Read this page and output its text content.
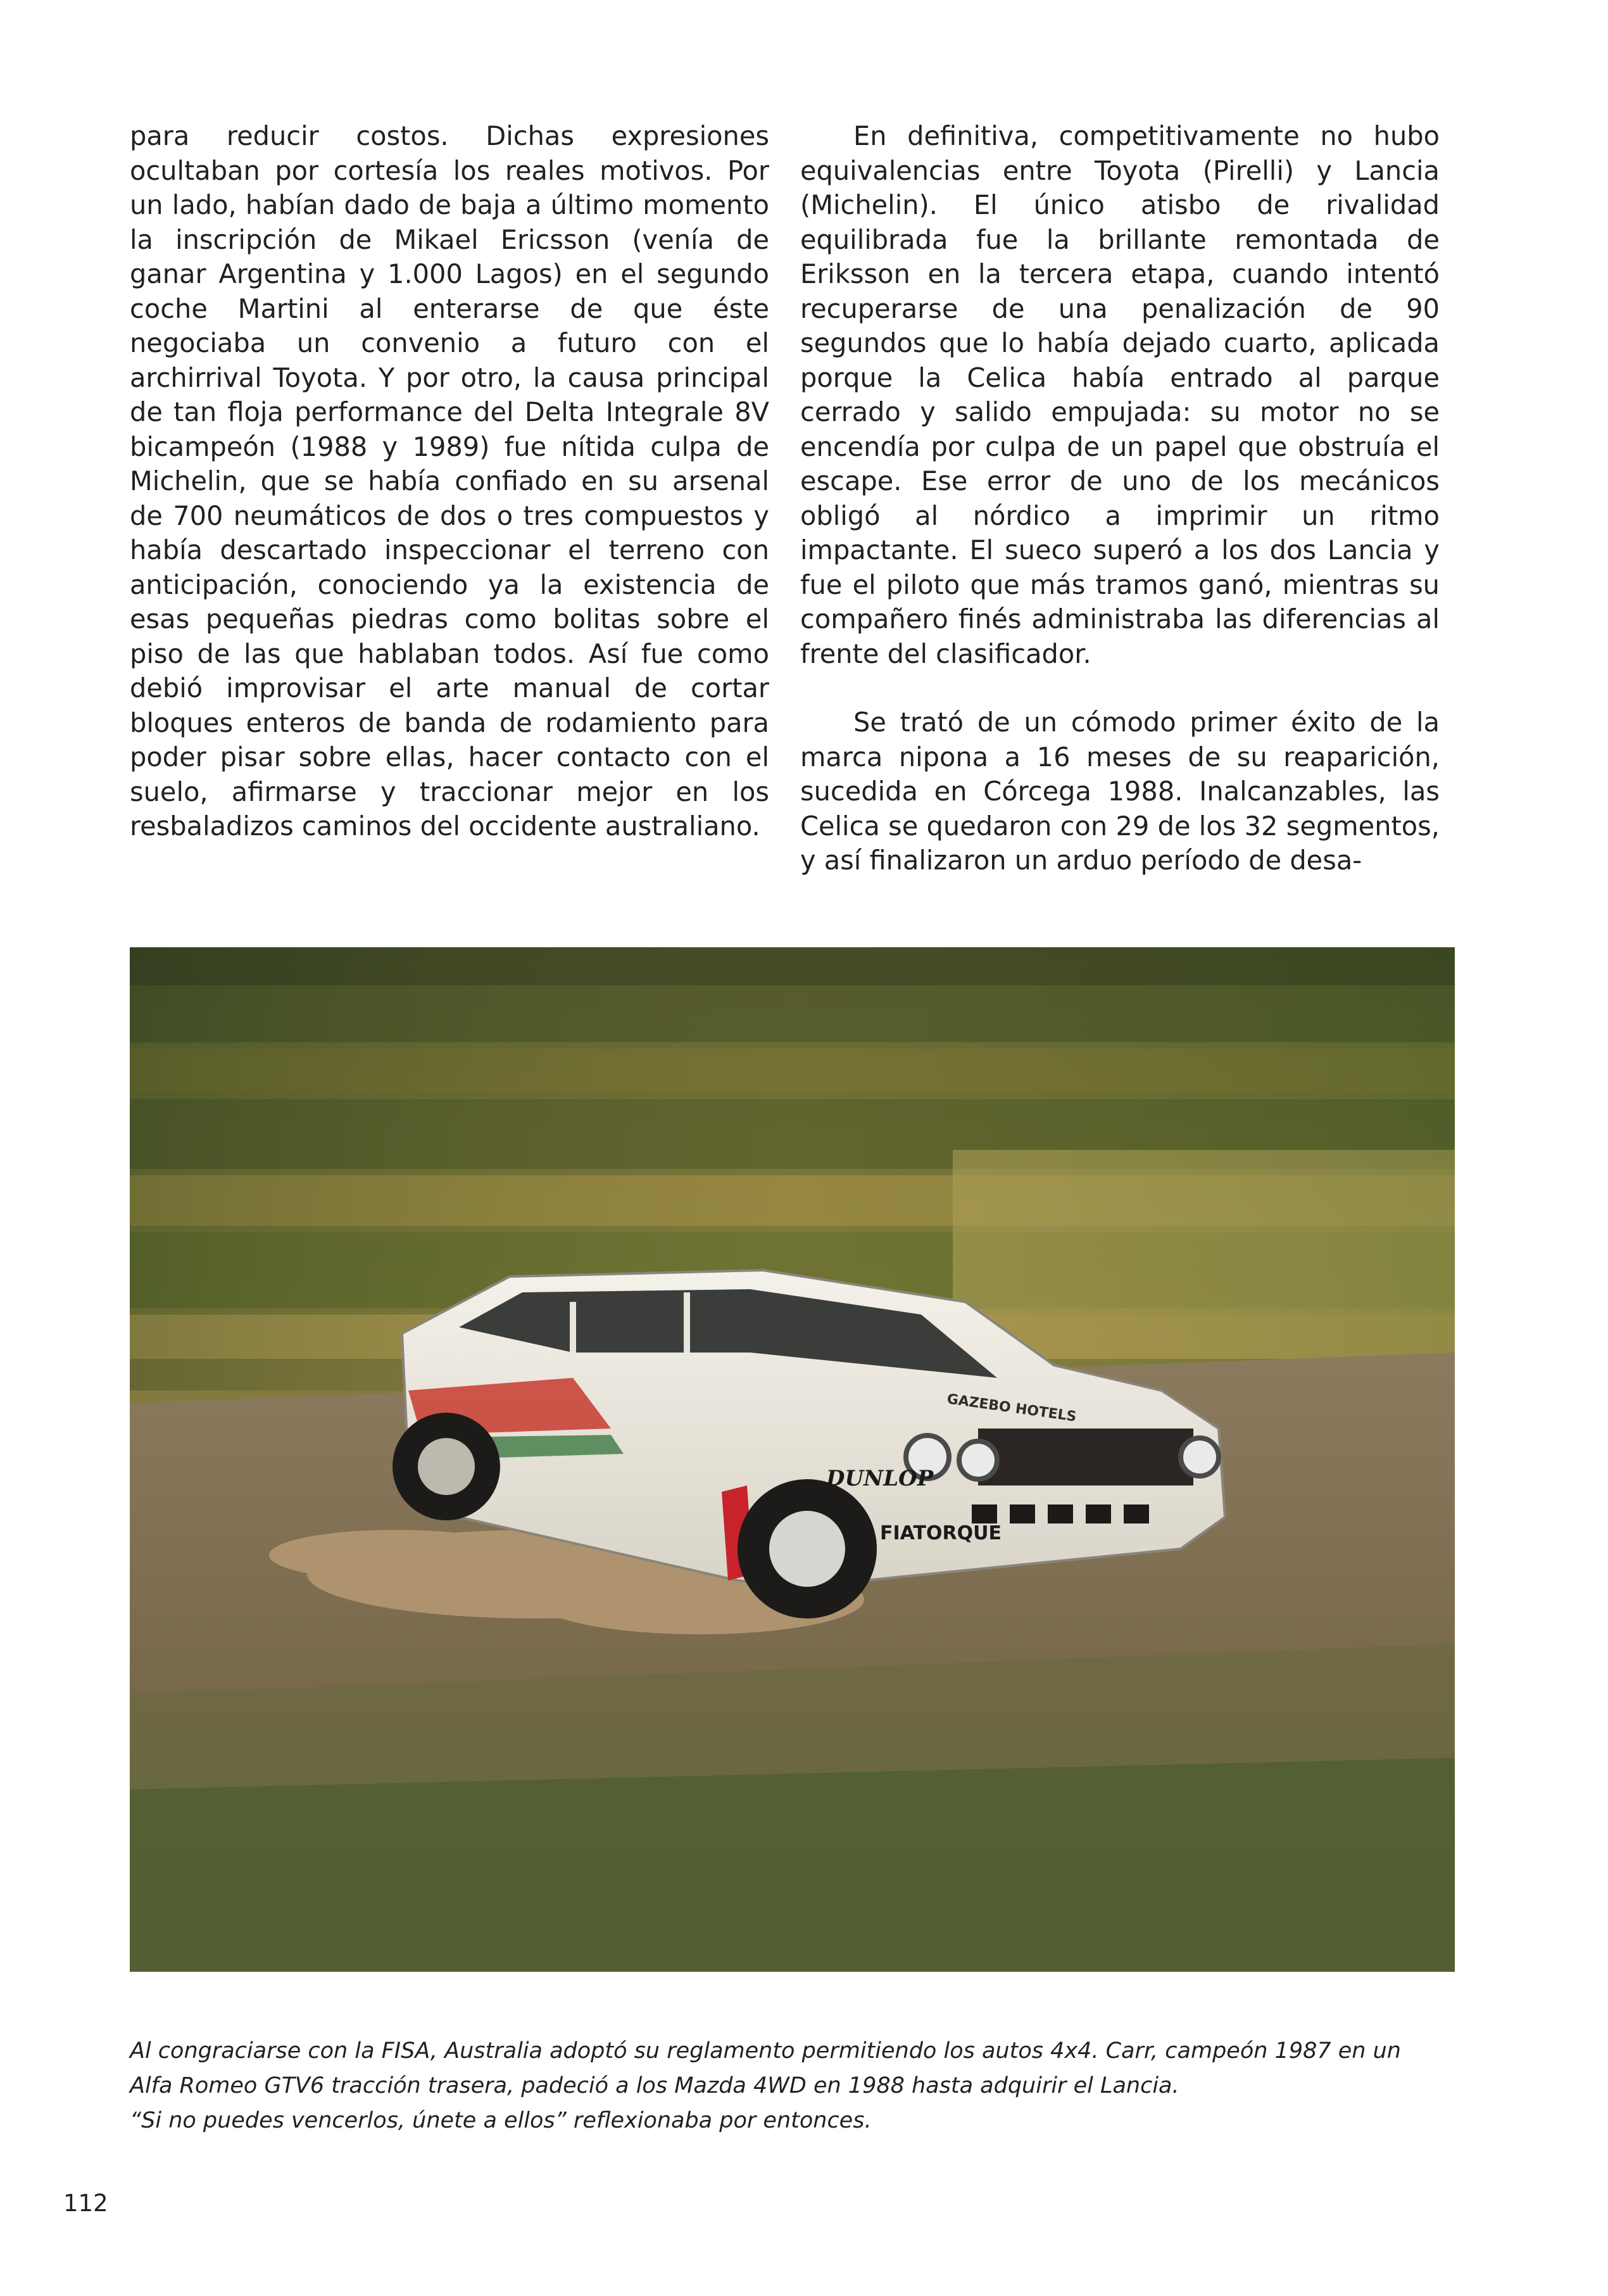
para reducir costos. Dichas expresiones ocultaban por cortesía los reales motivos. Por un lado, habían dado de baja a último momento la inscripción de Mikael Ericsson (venía de ganar Argentina y 1.000 Lagos) en el segundo coche Martini al enterarse de que éste negociaba un convenio a futuro con el archirrival Toyota. Y por otro, la causa principal de tan floja performance del Delta Integrale 8V bicampeón (1988 y 1989) fue nítida culpa de Michelin, que se había confiado en su arsenal de 700 neumáticos de dos o tres compuestos y había descartado inspeccionar el terreno con anticipación, conociendo ya la existencia de esas pequeñas piedras como bolitas sobre el piso de las que hablaban todos. Así fue como debió improvisar el arte manual de cortar bloques enteros de banda de rodamiento para poder pisar sobre ellas, hacer contacto con el suelo, afirmarse y traccionar mejor en los resbaladizos caminos del occidente australiano.

En definitiva, competitivamente no hubo equivalencias entre Toyota (Pirelli) y Lancia (Michelin). El único atisbo de rivalidad equilibrada fue la brillante remontada de Eriksson en la tercera etapa, cuando intentó recuperarse de una penalización de 90 segundos que lo había dejado cuarto, aplicada porque la Celica había entrado al parque cerrado y salido empujada: su motor no se encendía por culpa de un papel que obstruía el escape. Ese error de uno de los mecánicos obligó al nórdico a imprimir un ritmo impactante. El sueco superó a los dos Lancia y fue el piloto que más tramos ganó, mientras su compañero finés administraba las diferencias al frente del clasificador.

Se trató de un cómodo primer éxito de la marca nipona a 16 meses de su reaparición, sucedida en Córcega 1988. Inalcanzables, las Celica se quedaron con 29 de los 32 segmentos, y así finalizaron un arduo período de desa-

DUNLOP
FIATORQUE
GAZEBO HOTELS
Al congraciarse con la FISA, Australia adoptó su reglamento permitiendo los autos 4x4. Carr, campeón 1987 en un
Alfa Romeo GTV6 tracción trasera, padeció a los Mazda 4WD en 1988 hasta adquirir el Lancia.
“Si no puedes vencerlos, únete a ellos” reflexionaba por entonces.
112
